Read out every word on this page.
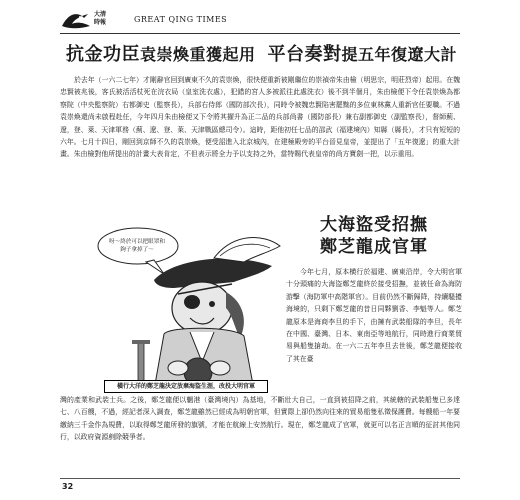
大清
時報	GREAT QING TIMES
抗金功臣袁崇煥重獲起用 平台奏對提五年復遼大計
於去年（一六二七年）才剛辭官回到廣東不久的袁崇煥，很快便重新被剛繼位的崇禎帝朱由檢（明思宗，明莊烈帝）起用。在魏忠賢被兆後，客氏被活活杖死在浣衣局（皇室洗衣處），犯錯的宮人多被派往此處洗衣）後不到半個月，朱由檢便下令任袁崇煥為都察院（中央監察院）右都御史（監察長），兵部右侍郎（國防部次長），同時令被魏忠賢陷害罷黜的多位東林黨人重新官任要職。不過袁崇煥還尚未啟程赴任，今年四月朱由檢便又下令將其擢升為正二品的兵部尚書（國防部長）兼右副都御史（副監察長），督師薊、遼，登、萊、天津軍務（薊、遼、登、萊、天津戰區總司令）。這時，距他初任七品的邵武（福建境內）知縣（縣長），才只有短短的六年。七月十四日，剛回到京師不久的袁崇煥，便受詔進入北京城內，在建極殿旁的平台晉見皇帝，並提出了「五年復遼」的重大計畫。朱由檢對他所提出的計畫大表肯定，不但表示將全力予以支持之外，當特賜代表皇帝的尚方寶劍一把，以示重用。
大海盜受招撫
鄭芝龍成官軍
呀～終於可以把眼罩和鉤子拿掉了～
橫行大洋的鄭芝龍決定放棄海盜生涯，改投大明官軍
今年七月，原本横行於福建、廣東沿岸，令大明官軍十分頭痛的大海盜鄭芝龍終於接受招撫，並被任命為海防游擊（海防軍中高階軍官）。目前仍然不斷歸降，持續騷擾海境的，只剩下鄭芝龍的昔日同夥劉香、李魁等人。鄭芝龍原本是海商李旦的手下，由擁有武裝船隊的李旦，長年在中國、臺灣、日本、東南亞等地航行，同時進行商業貿易與船隻搶劫。在一六二五年李旦去世後，鄭芝龍便接收了其在臺
灣的產業和武裝士兵。之後，鄭芝龍便以魍港（臺灣境內）為基地，不斷壯大自己，一直到被招降之前，其統轄的武裝船隻已多達七、八百艘，不過，經記者深入調查，鄭芝龍雖然已經成為明朝官軍，但實際上卻仍然向往來的貿易船隻私徵保護費。每艘船一年要繳納三千金作為規費，以取得鄭芝龍所發的旗號，才能在航線上安然航行。現在，鄭芝龍成了官軍，就更可以名正言順的征討其他同行，以政府資源剷除競爭者。
32
